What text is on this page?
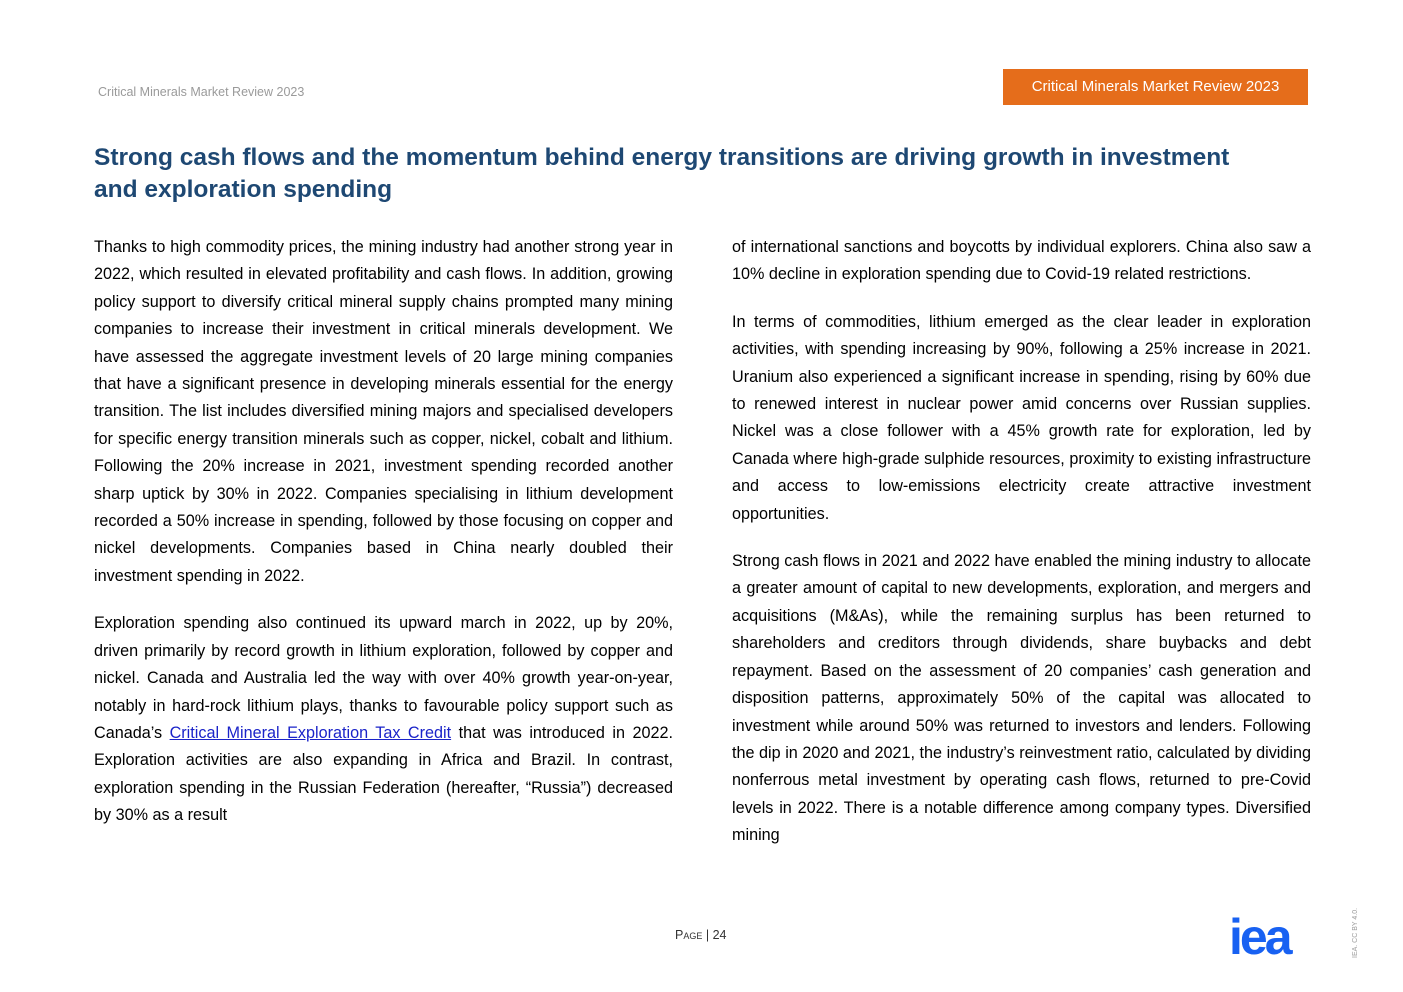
Critical Minerals Market Review 2023	Critical Minerals Market Review 2023
Strong cash flows and the momentum behind energy transitions are driving growth in investment and exploration spending

Thanks to high commodity prices, the mining industry had another strong year in 2022, which resulted in elevated profitability and cash flows. In addition, growing policy support to diversify critical mineral supply chains prompted many mining companies to increase their investment in critical minerals development. We have assessed the aggregate investment levels of 20 large mining companies that have a significant presence in developing minerals essential for the energy transition. The list includes diversified mining majors and specialised developers for specific energy transition minerals such as copper, nickel, cobalt and lithium. Following the 20% increase in 2021, investment spending recorded another sharp uptick by 30% in 2022. Companies specialising in lithium development recorded a 50% increase in spending, followed by those focusing on copper and nickel developments. Companies based in China nearly doubled their investment spending in 2022.

Exploration spending also continued its upward march in 2022, up by 20%, driven primarily by record growth in lithium exploration, followed by copper and nickel. Canada and Australia led the way with over 40% growth year-on-year, notably in hard-rock lithium plays, thanks to favourable policy support such as Canada’s Critical Mineral Exploration Tax Credit that was introduced in 2022. Exploration activities are also expanding in Africa and Brazil. In contrast, exploration spending in the Russian Federation (hereafter, “Russia”) decreased by 30% as a result

of international sanctions and boycotts by individual explorers. China also saw a 10% decline in exploration spending due to Covid-19 related restrictions.

In terms of commodities, lithium emerged as the clear leader in exploration activities, with spending increasing by 90%, following a 25% increase in 2021. Uranium also experienced a significant increase in spending, rising by 60% due to renewed interest in nuclear power amid concerns over Russian supplies. Nickel was a close follower with a 45% growth rate for exploration, led by Canada where high-grade sulphide resources, proximity to existing infrastructure and access to low-emissions electricity create attractive investment opportunities.

Strong cash flows in 2021 and 2022 have enabled the mining industry to allocate a greater amount of capital to new developments, exploration, and mergers and acquisitions (M&As), while the remaining surplus has been returned to shareholders and creditors through dividends, share buybacks and debt repayment. Based on the assessment of 20 companies’ cash generation and disposition patterns, approximately 50% of the capital was allocated to investment while around 50% was returned to investors and lenders. Following the dip in 2020 and 2021, the industry’s reinvestment ratio, calculated by dividing nonferrous metal investment by operating cash flows, returned to pre-Covid levels in 2022. There is a notable difference among company types. Diversified mining

Page | 24	iea	IEA. CC BY 4.0.
